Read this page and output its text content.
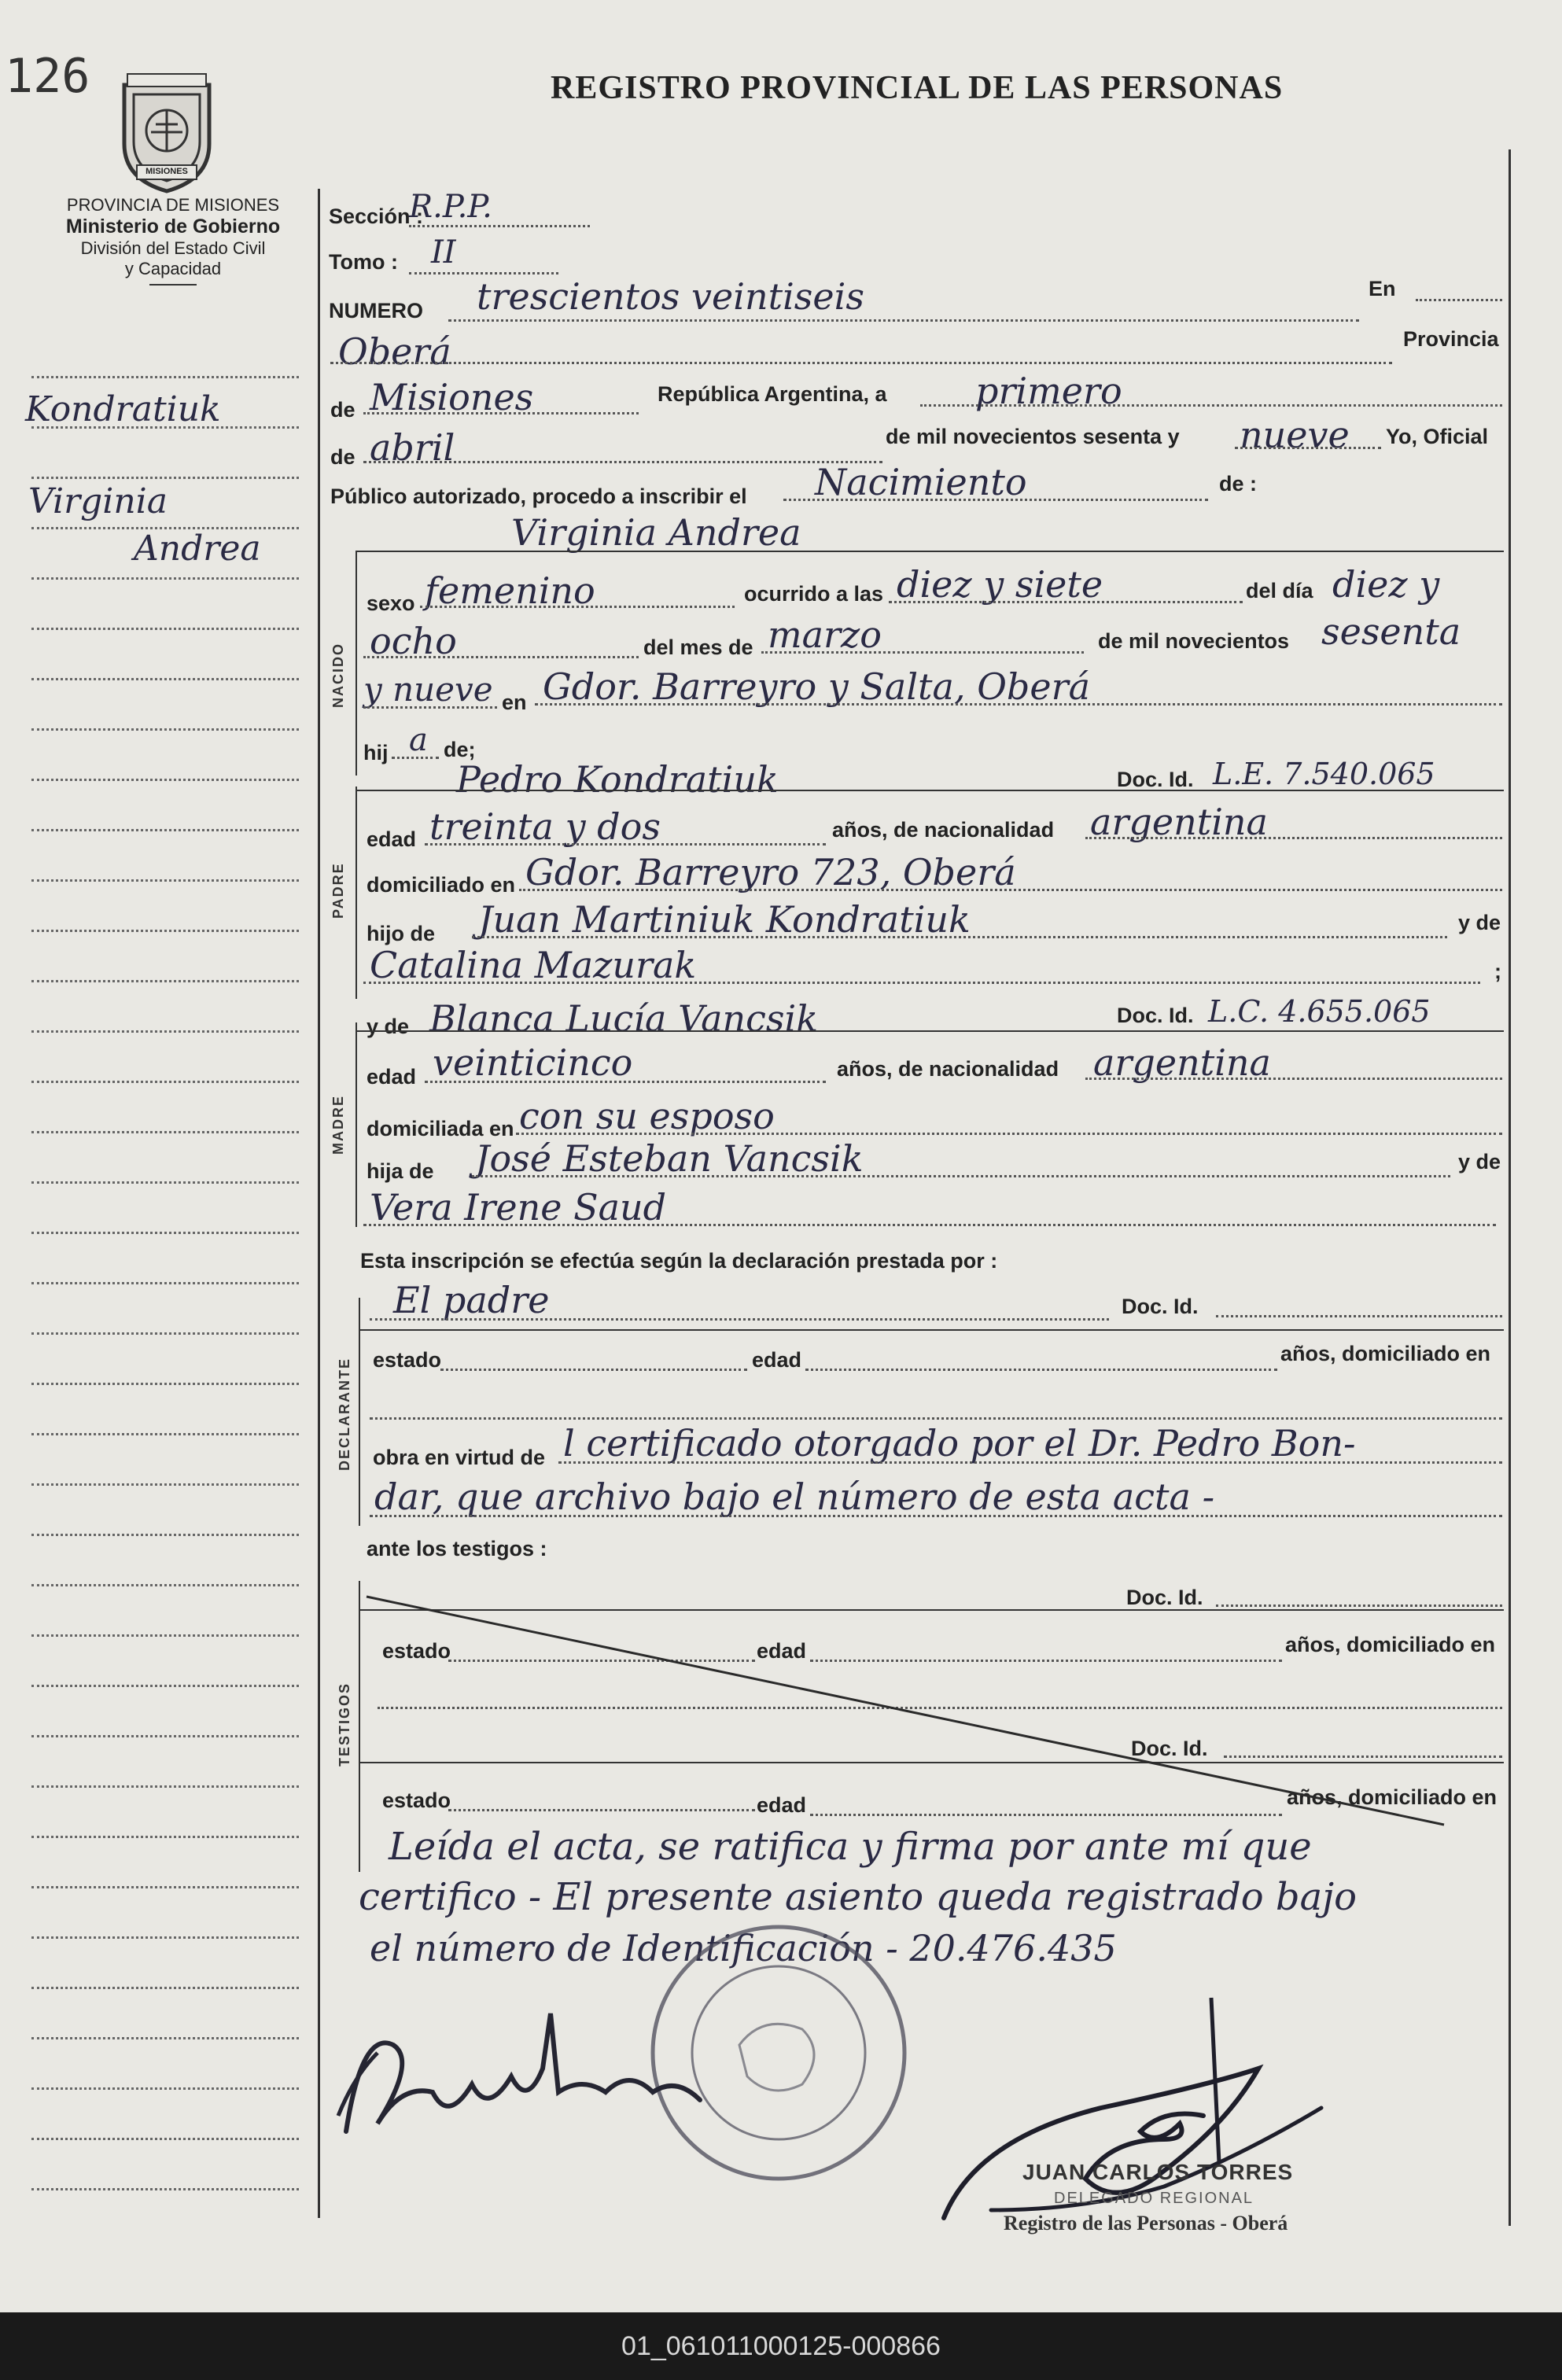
126
MISIONES
REGISTRO PROVINCIAL DE LAS PERSONAS
PROVINCIA DE MISIONES
Ministerio de Gobierno
División del Estado Civil
y Capacidad
Kondratiuk
Virginia
Andrea
Sección :
R.P.P.
Tomo : II
NUMERO trescientos veintiseis	En
Oberá	Provincia
de Misiones	República Argentina, a primero
de abril	de mil novecientos sesenta y nueve Yo, Oficial
Público autorizado, procedo a inscribir el Nacimiento	de :
NACIDO
Virginia Andrea
sexo femenino	ocurrido a las diez y siete	del día diez y
ocho	del mes de marzo	de mil novecientos sesenta
y nueve en Gdor. Barreyro y Salta, Oberá
hij a de;
PADRE
Pedro Kondratiuk	Doc. Id. L.E. 7.540.065
edad treinta y dos	años, de nacionalidad argentina
domiciliado en Gdor. Barreyro 723, Oberá
hijo de Juan Martiniuk Kondratiuk	y de
Catalina Mazurak	;
MADRE
y de Blanca Lucía Vancsik	Doc. Id. L.C. 4.655.065
edad veinticinco	años, de nacionalidad argentina
domiciliada en con su esposo
hija de José Esteban Vancsik	y de
Vera Irene Saud
Esta inscripción se efectúa según la declaración prestada por :
DECLARANTE
El padre	Doc. Id.
estado	edad	años, domiciliado en
obra en virtud de l certificado otorgado por el Dr. Pedro Bon-
dar, que archivo bajo el número de esta acta -
ante los testigos :
TESTIGOS
Doc. Id.
estado	edad	años, domiciliado en
Doc. Id.
estado	edad	años, domiciliado en
Leída el acta, se ratifica y firma por ante mí que
certifico - El presente asiento queda registrado bajo
el número de Identificación - 20.476.435
JUAN CARLOS TORRES
DELEGADO REGIONAL
Registro de las Personas - Oberá
01_061011000125-000866
